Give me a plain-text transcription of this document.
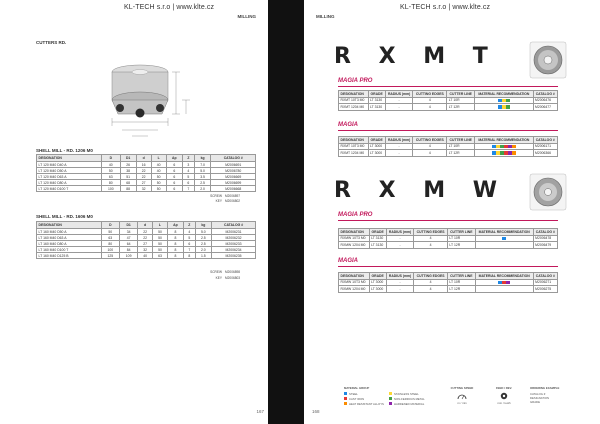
KL-TECH s.r.o | www.klte.cz
MILLING
CUTTERS RD.
SHELL MILL - RD. 1206 M0
DESIGNATION	D	D1	d	L	Ap	Z	kg	CATALOG #
LT 120 M40 D40 A	40	26	16	40	6	3	7.0	M2006691
LT 120 M40 D50 A	50	38	22	40	6	4	5.0	M2006780
LT 120 M40 D63 A	63	51	22	50	6	5	3.5	M2006669
LT 120 M40 D80 A	80	68	27	50	6	6	2.5	M2006699
LT 120 M40 D100 T	100	88	32	50	6	7	2.0	M2006668
SCREW M2006897
KEY M2006802
SHELL MILL - RD. 1606 M0
DESIGNATION	D	D1	d	L	Ap	Z	kg	CATALOG #
LT 160 M40 D50 A	50	34	22	50	8	4	5.0	M2006231
LT 160 M40 D63 A	63	47	22	50	8	5	2.5	M2006232
LT 160 M40 D80 A	80	64	27	50	8	6	2.5	M2006233
LT 160 M40 D100 T	100	84	32	50	8	7	2.0	M2006234
LT 160 M40 D125 B	125	109	40	63	8	8	1.5	M2006235
SCREW M2006898
KEY M2006803
167
KL-TECH s.r.o | www.klte.cz
MILLING
R X M T
MAGIA PRO
DESIGNATION	GRADE	RADIUS (mm)	CUTTING EDGES	CUTTER LINE	MATERIAL RECOMMENDATION	CATALOG #
RXMT 10T3 M0	LT 3130	-	4	LT 10R		M2006476
RXMT 1204 M0	LT 3130	-	4	LT 12R		M2006477
MAGIA
DESIGNATION	GRADE	RADIUS (mm)	CUTTING EDGES	CUTTER LINE	MATERIAL RECOMMENDATION	CATALOG #
RXMT 10T3 M0	LT 3000	-	4	LT 10R		M2006171
RXMT 1204 M0	LT 3000	-	4	LT 12R		M2006366
R X M W
MAGIA PRO
DESIGNATION	GRADE	RADIUS (mm)	CUTTING EDGES	CUTTER LINE	MATERIAL RECOMMENDATION	CATALOG #
RXMW 10T3 M0	LT 3130	-	4	LT 10R		M2006478
RXMW 1204 M0	LT 3130	-	4	LT 12R		M2006479
MAGIA
DESIGNATION	GRADE	RADIUS (mm)	CUTTING EDGES	CUTTER LINE	MATERIAL RECOMMENDATION	CATALOG #
RXMW 10T3 M0	LT 3000	-	4	LT 10R		M2006271
RXMW 1204 M0	LT 3000	-	4	LT 12R		M2006275
MATERIAL GROUP
STEEL	STAINLESS STEEL
CAST IRON	NON-FERROUS METAL
HEAT RESISTANT ALLOYS	HARDENED MATERIAL
CUTTING SPEED
m / min
FEED / REV.
mm / tooth
ORDERING EXAMPLE
CATALOG #
DESIGNATION
GRADE
168
